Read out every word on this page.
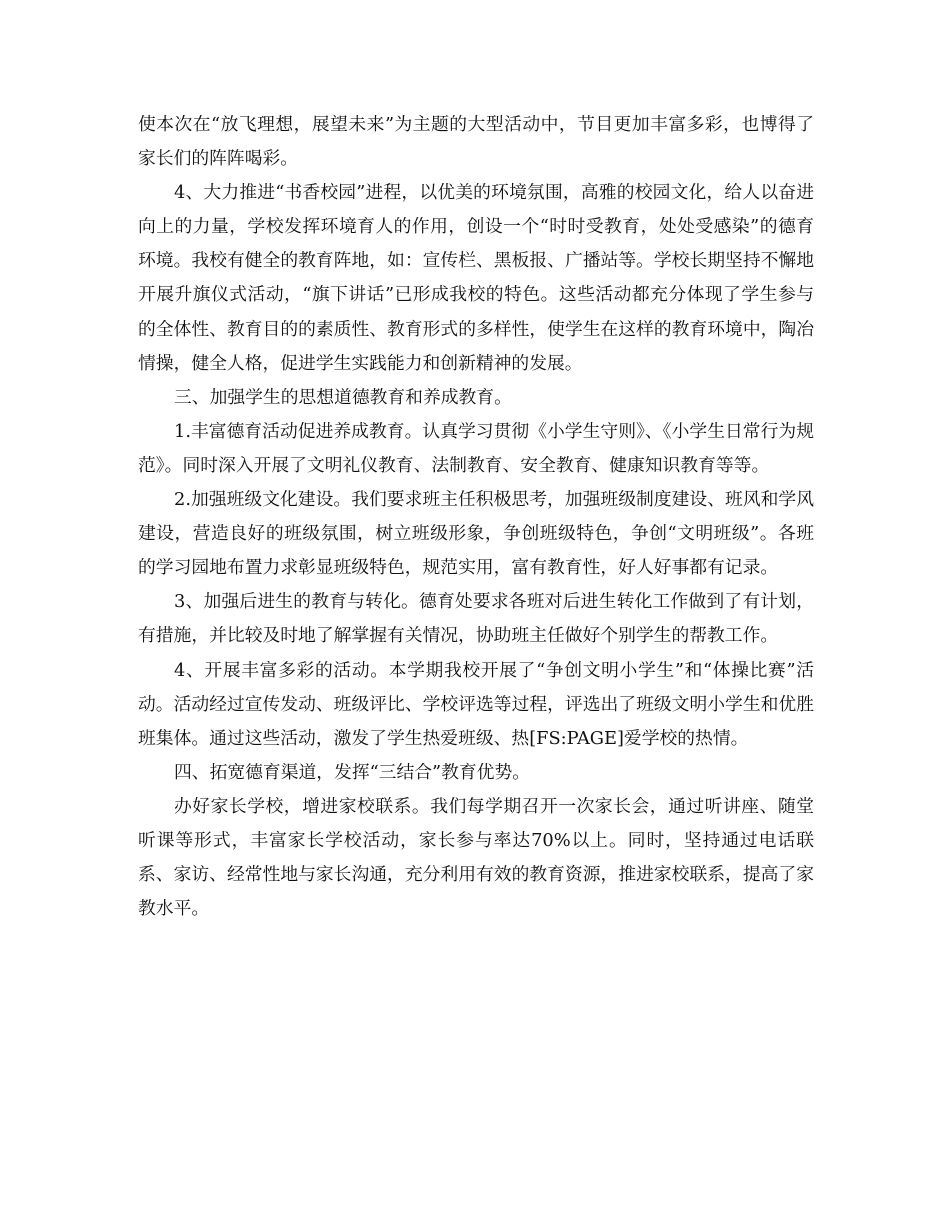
使本次在“放飞理想，展望未来”为主题的大型活动中，节目更加丰富多彩，也博得了家长们的阵阵喝彩。

4、大力推进“书香校园”进程，以优美的环境氛围，高雅的校园文化，给人以奋进向上的力量，学校发挥环境育人的作用，创设一个“时时受教育，处处受感染”的德育环境。我校有健全的教育阵地，如：宣传栏、黑板报、广播站等。学校长期坚持不懈地开展升旗仪式活动，“旗下讲话”已形成我校的特色。这些活动都充分体现了学生参与的全体性、教育目的的素质性、教育形式的多样性，使学生在这样的教育环境中，陶冶情操，健全人格，促进学生实践能力和创新精神的发展。

三、加强学生的思想道德教育和养成教育。

1.丰富德育活动促进养成教育。认真学习贯彻《小学生守则》、《小学生日常行为规范》。同时深入开展了文明礼仪教育、法制教育、安全教育、健康知识教育等等。

2.加强班级文化建设。我们要求班主任积极思考，加强班级制度建设、班风和学风建设，营造良好的班级氛围，树立班级形象，争创班级特色，争创“文明班级”。各班的学习园地布置力求彰显班级特色，规范实用，富有教育性，好人好事都有记录。

3、加强后进生的教育与转化。德育处要求各班对后进生转化工作做到了有计划，有措施，并比较及时地了解掌握有关情况，协助班主任做好个别学生的帮教工作。

4、开展丰富多彩的活动。本学期我校开展了“争创文明小学生”和“体操比赛”活动。活动经过宣传发动、班级评比、学校评选等过程，评选出了班级文明小学生和优胜班集体。通过这些活动，激发了学生热爱班级、热[FS:PAGE]爱学校的热情。

四、拓宽德育渠道，发挥“三结合”教育优势。

办好家长学校，增进家校联系。我们每学期召开一次家长会，通过听讲座、随堂听课等形式，丰富家长学校活动，家长参与率达70%以上。同时，坚持通过电话联系、家访、经常性地与家长沟通，充分利用有效的教育资源，推进家校联系，提高了家教水平。
